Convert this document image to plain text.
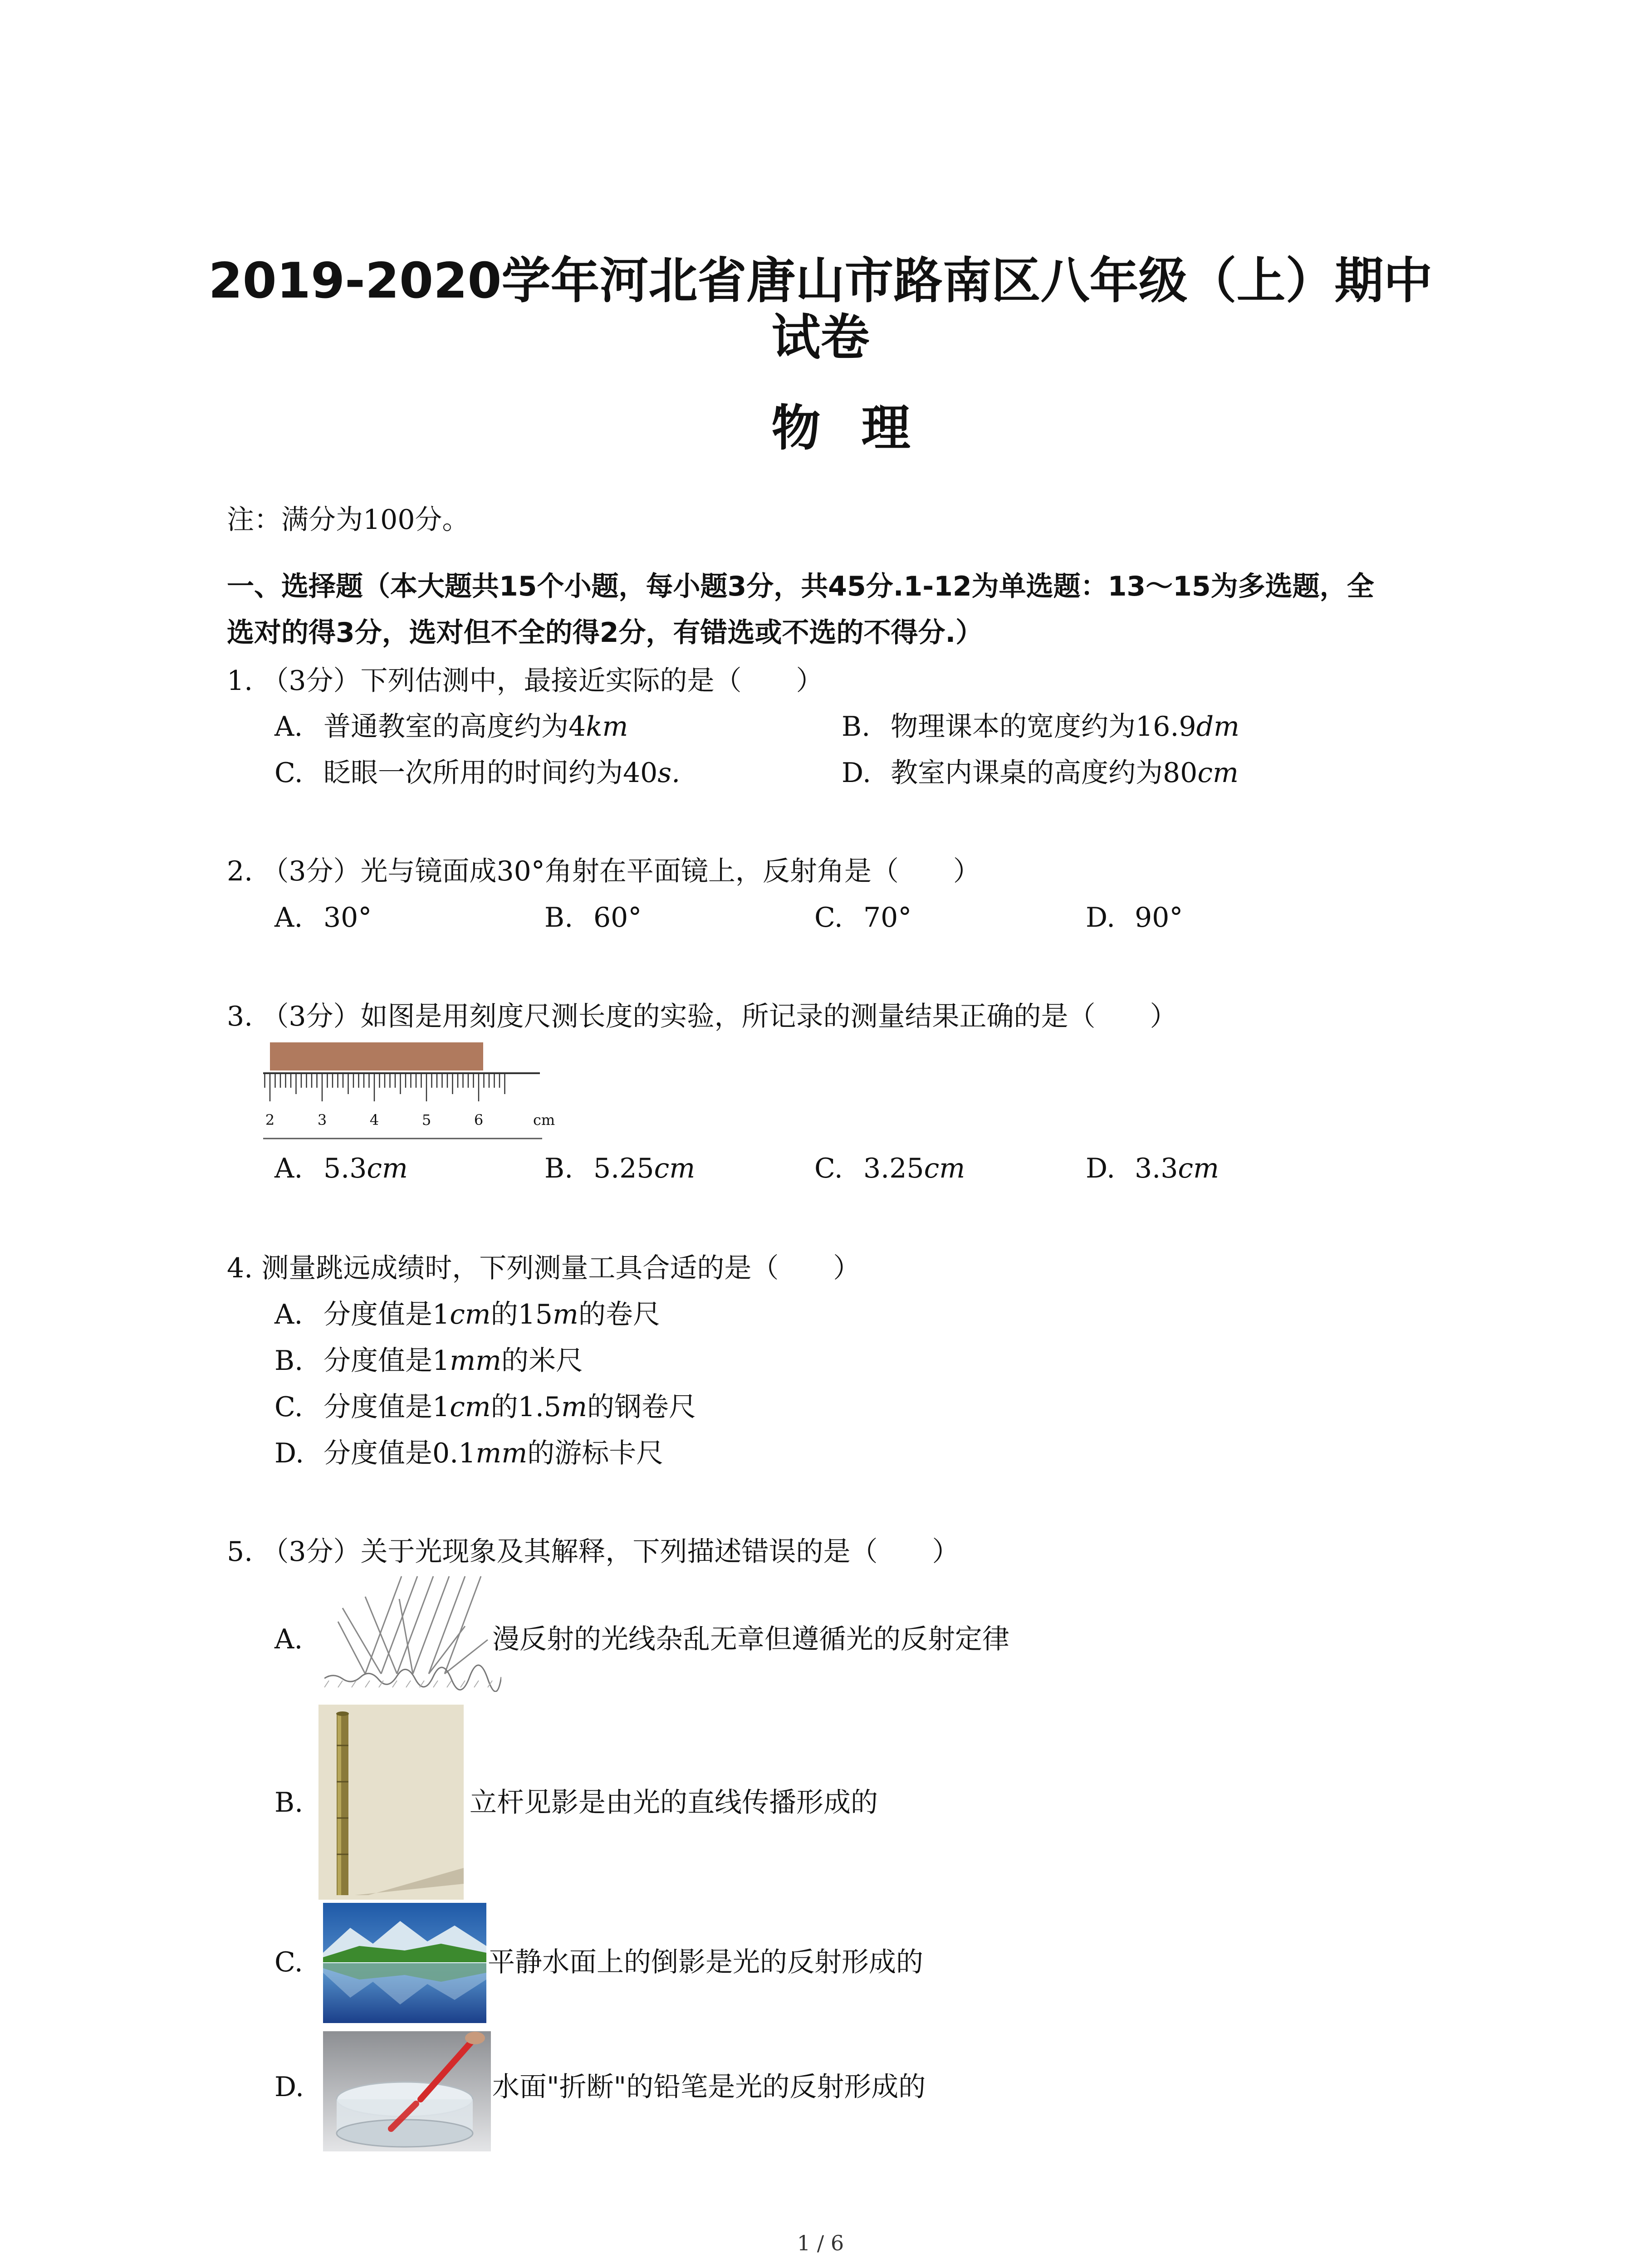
2019-2020学年河北省唐山市路南区八年级（上）期中
试卷
物理
注：满分为100分。
一、选择题（本大题共15个小题，每小题3分，共45分.1-12为单选题：13～15为多选题，全
选对的得3分，选对但不全的得2分，有错选或不选的不得分.）
1. （3分）下列估测中，最接近实际的是（　　）
A. 普通教室的高度约为4km	B. 物理课本的宽度约为16.9dm
C. 眨眼一次所用的时间约为40s.	D. 教室内课桌的高度约为80cm
2. （3分）光与镜面成30°角射在平面镜上，反射角是（　　）
A. 30°	B. 60°	C. 70°	D. 90°
3. （3分）如图是用刻度尺测长度的实验，所记录的测量结果正确的是（　　）
2	3	4	5	6	cm
A. 5.3cm	B. 5.25cm	C. 3.25cm	D. 3.3cm
4. 测量跳远成绩时，下列测量工具合适的是（　　）
A. 分度值是1cm的15m的卷尺
B. 分度值是1mm的米尺
C. 分度值是1cm的1.5m的钢卷尺
D. 分度值是0.1mm的游标卡尺
5. （3分）关于光现象及其解释，下列描述错误的是（　　）
A.	漫反射的光线杂乱无章但遵循光的反射定律
B.	立杆见影是由光的直线传播形成的
C.	平静水面上的倒影是光的反射形成的
D.	水面"折断"的铅笔是光的反射形成的
1 / 6
